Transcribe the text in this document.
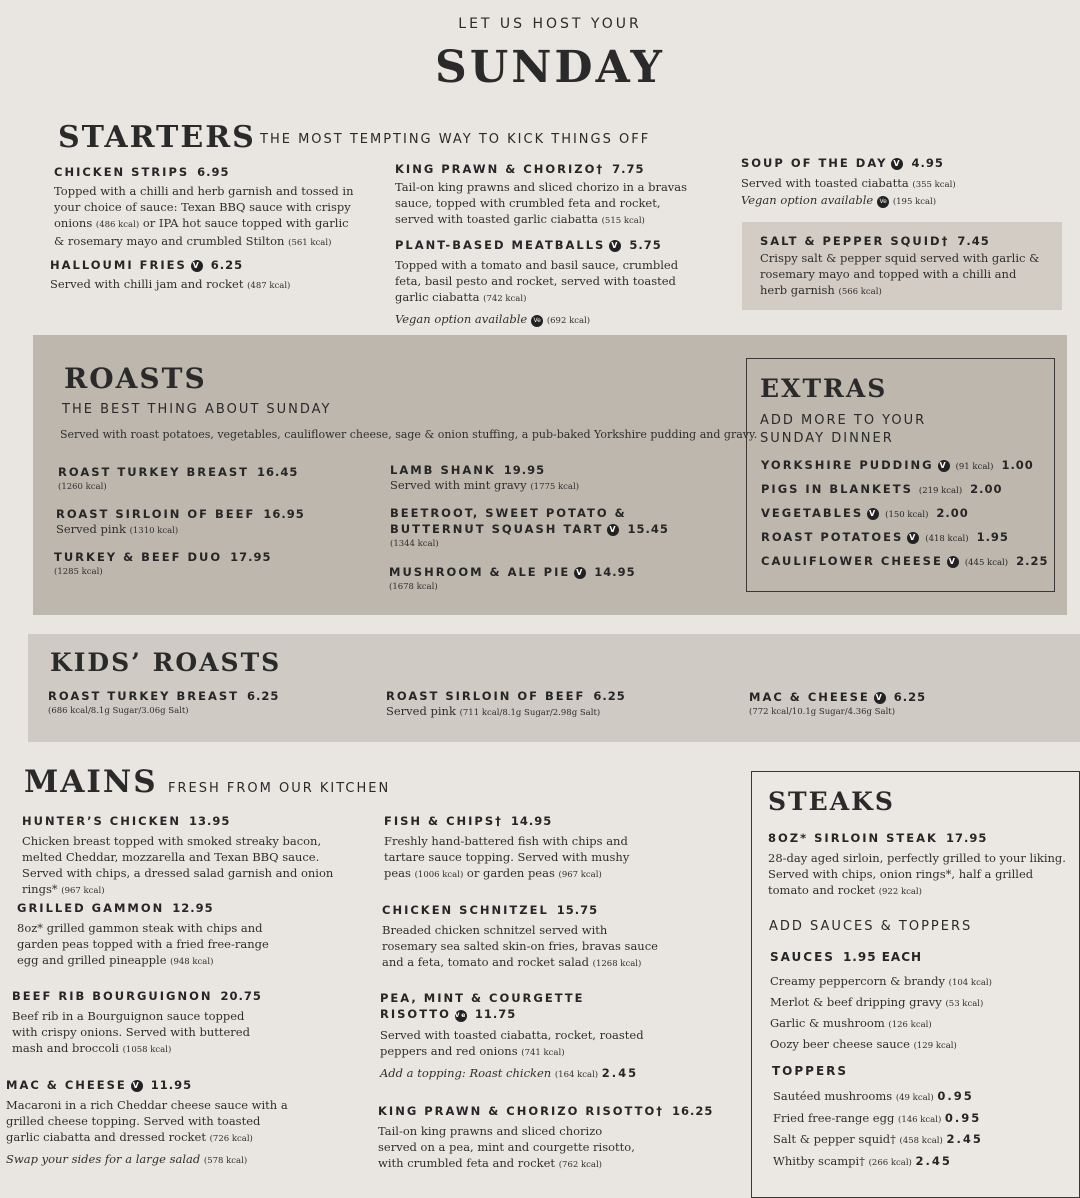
LET US HOST YOUR
SUNDAY
STARTERS THE MOST TEMPTING WAY TO KICK THINGS OFF
CHICKEN STRIPS 6.95
Topped with a chilli and herb garnish and tossed in your choice of sauce: Texan BBQ sauce with crispy onions (486 kcal) or IPA hot sauce topped with garlic & rosemary mayo and crumbled Stilton (561 kcal)
HALLOUMI FRIES V 6.25
Served with chilli jam and rocket (487 kcal)
KING PRAWN & CHORIZO† 7.75
Tail-on king prawns and sliced chorizo in a bravas sauce, topped with crumbled feta and rocket, served with toasted garlic ciabatta (515 kcal)
PLANT-BASED MEATBALLS V 5.75
Topped with a tomato and basil sauce, crumbled feta, basil pesto and rocket, served with toasted garlic ciabatta (742 kcal)
Vegan option available Ve (692 kcal)
SOUP OF THE DAY V 4.95
Served with toasted ciabatta (355 kcal)
Vegan option available Ve (195 kcal)
SALT & PEPPER SQUID† 7.45
Crispy salt & pepper squid served with garlic & rosemary mayo and topped with a chilli and herb garnish (566 kcal)
ROASTS
THE BEST THING ABOUT SUNDAY
Served with roast potatoes, vegetables, cauliflower cheese, sage & onion stuffing, a pub-baked Yorkshire pudding and gravy.
ROAST TURKEY BREAST 16.45
(1260 kcal)
ROAST SIRLOIN OF BEEF 16.95
Served pink (1310 kcal)
TURKEY & BEEF DUO 17.95
(1285 kcal)
LAMB SHANK 19.95
Served with mint gravy (1775 kcal)
BEETROOT, SWEET POTATO &
BUTTERNUT SQUASH TART V 15.45
(1344 kcal)
MUSHROOM & ALE PIE V 14.95
(1678 kcal)
EXTRAS
ADD MORE TO YOUR
SUNDAY DINNER
YORKSHIRE PUDDING V (91 kcal) 1.00
PIGS IN BLANKETS (219 kcal) 2.00
VEGETABLES V (150 kcal) 2.00
ROAST POTATOES V (418 kcal) 1.95
CAULIFLOWER CHEESE V (445 kcal) 2.25
KIDS’ ROASTS
ROAST TURKEY BREAST 6.25
(686 kcal/8.1g Sugar/3.06g Salt)
ROAST SIRLOIN OF BEEF 6.25
Served pink (711 kcal/8.1g Sugar/2.98g Salt)
MAC & CHEESE V 6.25
(772 kcal/10.1g Sugar/4.36g Salt)
MAINS FRESH FROM OUR KITCHEN
HUNTER’S CHICKEN 13.95
Chicken breast topped with smoked streaky bacon, melted Cheddar, mozzarella and Texan BBQ sauce. Served with chips, a dressed salad garnish and onion rings* (967 kcal)
GRILLED GAMMON 12.95
8oz* grilled gammon steak with chips and garden peas topped with a fried free-range egg and grilled pineapple (948 kcal)
BEEF RIB BOURGUIGNON 20.75
Beef rib in a Bourguignon sauce topped with crispy onions. Served with buttered mash and broccoli (1058 kcal)
MAC & CHEESE V 11.95
Macaroni in a rich Cheddar cheese sauce with a grilled cheese topping. Served with toasted garlic ciabatta and dressed rocket (726 kcal)
Swap your sides for a large salad (578 kcal)
FISH & CHIPS† 14.95
Freshly hand-battered fish with chips and tartare sauce topping. Served with mushy peas (1006 kcal) or garden peas (967 kcal)
CHICKEN SCHNITZEL 15.75
Breaded chicken schnitzel served with rosemary sea salted skin-on fries, bravas sauce and a feta, tomato and rocket salad (1268 kcal)
PEA, MINT & COURGETTE
RISOTTO Ve 11.75
Served with toasted ciabatta, rocket, roasted peppers and red onions (741 kcal)
Add a topping: Roast chicken (164 kcal) 2.45
KING PRAWN & CHORIZO RISOTTO† 16.25
Tail-on king prawns and sliced chorizo served on a pea, mint and courgette risotto, with crumbled feta and rocket (762 kcal)
STEAKS
8OZ* SIRLOIN STEAK 17.95
28-day aged sirloin, perfectly grilled to your liking. Served with chips, onion rings*, half a grilled tomato and rocket (922 kcal)
ADD SAUCES & TOPPERS
SAUCES 1.95 EACH
Creamy peppercorn & brandy (104 kcal)
Merlot & beef dripping gravy (53 kcal)
Garlic & mushroom (126 kcal)
Oozy beer cheese sauce (129 kcal)
TOPPERS
Sautéed mushrooms (49 kcal) 0.95
Fried free-range egg (146 kcal) 0.95
Salt & pepper squid† (458 kcal) 2.45
Whitby scampi† (266 kcal) 2.45
